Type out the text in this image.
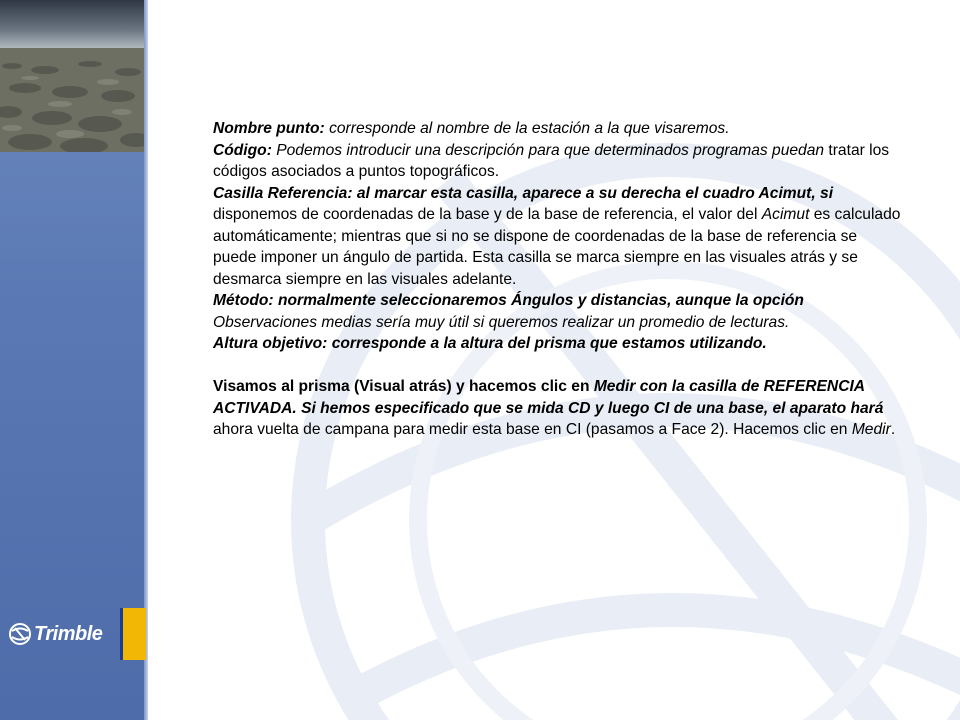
Trimble

Nombre punto: corresponde al nombre de la estación a la que visaremos.

Código: Podemos introducir una descripción para que determinados programas puedan tratar los códigos asociados a puntos topográficos.

Casilla Referencia: al marcar esta casilla, aparece a su derecha el cuadro Acimut, si disponemos de coordenadas de la base y de la base de referencia, el valor del Acimut es calculado automáticamente; mientras que si no se dispone de coordenadas de la base de referencia se puede imponer un ángulo de partida. Esta casilla se marca siempre en las visuales atrás y se desmarca siempre en las visuales adelante.

Método: normalmente seleccionaremos Ángulos y distancias, aunque la opción Observaciones medias sería muy útil si queremos realizar un promedio de lecturas.

Altura objetivo: corresponde a la altura del prisma que estamos utilizando.

Visamos al prisma (Visual atrás) y hacemos clic en Medir con la casilla de REFERENCIA ACTIVADA. Si hemos especificado que se mida CD y luego CI de una base, el aparato hará ahora vuelta de campana para medir esta base en CI (pasamos a Face 2). Hacemos clic en Medir.
